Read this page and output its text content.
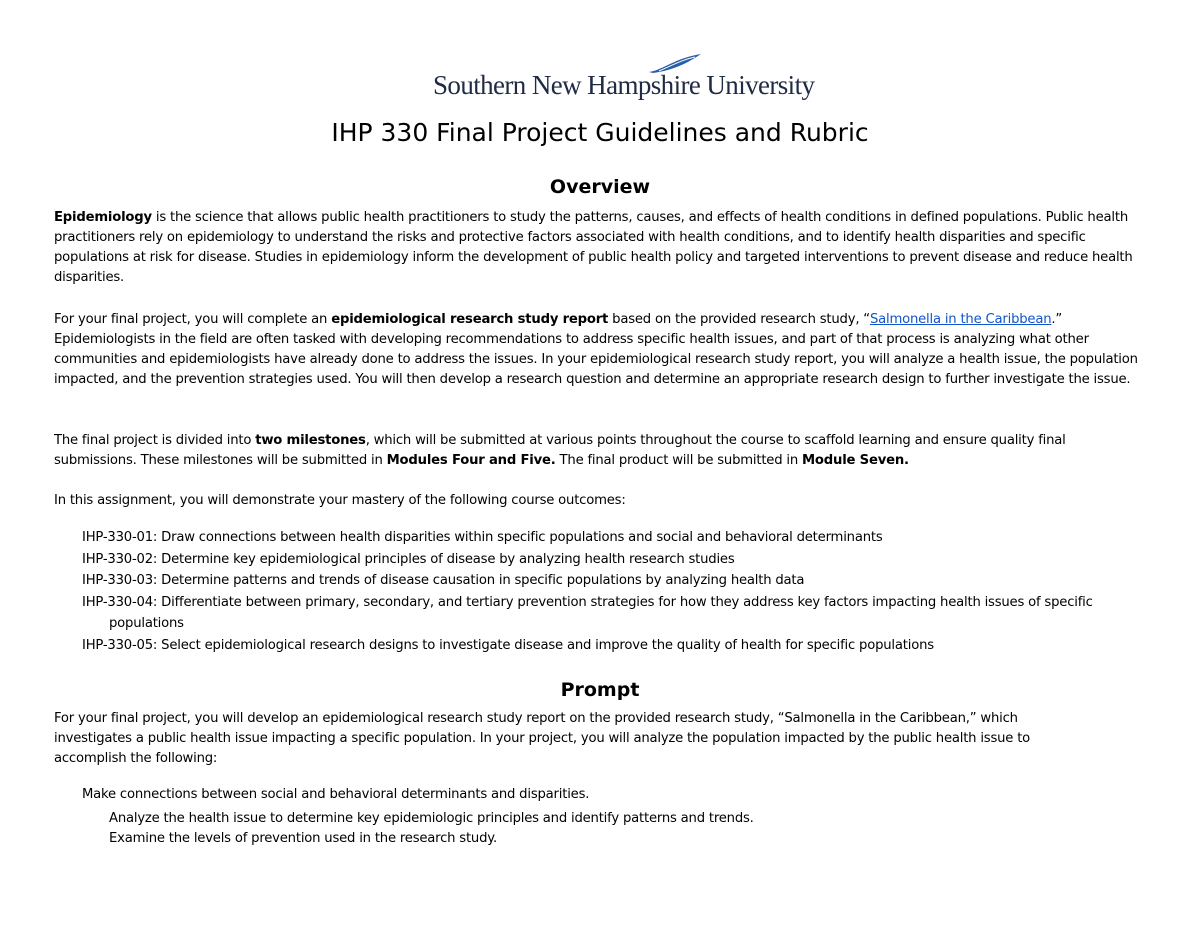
Southern New Hampshire University
IHP 330 Final Project Guidelines and Rubric
Overview

Epidemiology is the science that allows public health practitioners to study the patterns, causes, and effects of health conditions in defined populations. Public health practitioners rely on epidemiology to understand the risks and protective factors associated with health conditions, and to identify health disparities and specific populations at risk for disease. Studies in epidemiology inform the development of public health policy and targeted interventions to prevent disease and reduce health disparities.

For your final project, you will complete an epidemiological research study report based on the provided research study, “Salmonella in the Caribbean.” Epidemiologists in the field are often tasked with developing recommendations to address specific health issues, and part of that process is analyzing what other communities and epidemiologists have already done to address the issues. In your epidemiological research study report, you will analyze a health issue, the population impacted, and the prevention strategies used. You will then develop a research question and determine an appropriate research design to further investigate the issue.

The final project is divided into two milestones, which will be submitted at various points throughout the course to scaffold learning and ensure quality final submissions. These milestones will be submitted in Modules Four and Five. The final product will be submitted in Module Seven.

In this assignment, you will demonstrate your mastery of the following course outcomes:

IHP-330-01: Draw connections between health disparities within specific populations and social and behavioral determinants
IHP-330-02: Determine key epidemiological principles of disease by analyzing health research studies
IHP-330-03: Determine patterns and trends of disease causation in specific populations by analyzing health data
IHP-330-04: Differentiate between primary, secondary, and tertiary prevention strategies for how they address key factors impacting health issues of specific populations
IHP-330-05: Select epidemiological research designs to investigate disease and improve the quality of health for specific populations
Prompt

For your final project, you will develop an epidemiological research study report on the provided research study, “Salmonella in the Caribbean,” which investigates a public health issue impacting a specific population. In your project, you will analyze the population impacted by the public health issue to accomplish the following:

Make connections between social and behavioral determinants and disparities.
Analyze the health issue to determine key epidemiologic principles and identify patterns and trends.
Examine the levels of prevention used in the research study.
